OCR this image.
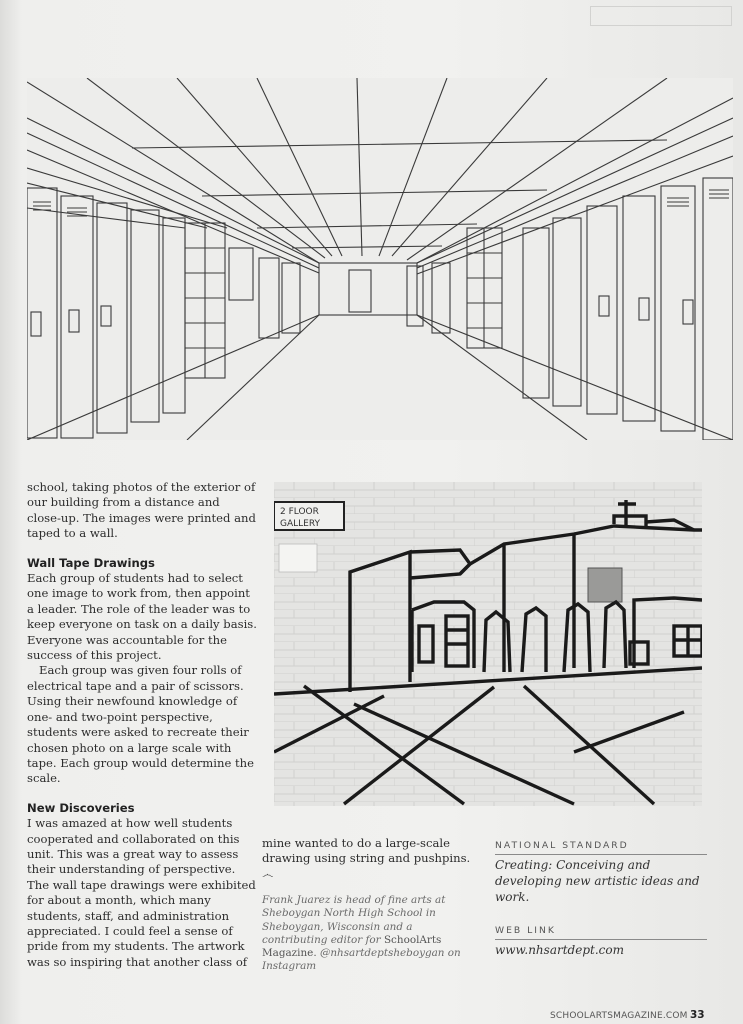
2 FLOOR
GALLERY

school, taking photos of the exterior of our building from a distance and close-up. The images were printed and taped to a wall.

Wall Tape Drawings

Each group of students had to select one image to work from, then appoint a leader. The role of the leader was to keep everyone on task on a daily basis. Everyone was accountable for the success of this project.

Each group was given four rolls of electrical tape and a pair of scissors. Using their newfound knowledge of one- and two-point perspective, students were asked to recreate their chosen photo on a large scale with tape. Each group would determine the scale.

New Discoveries

I was amazed at how well students cooperated and collaborated on this unit. This was a great way to assess their understanding of perspective. The wall tape drawings were exhibited for about a month, which many students, staff, and administration appreciated. I could feel a sense of pride from my students. The artwork was so inspiring that another class of

mine wanted to do a large-scale drawing using string and pushpins. ෴

Frank Juarez is head of fine arts at Sheboygan North High School in Sheboygan, Wisconsin and a contributing editor for SchoolArts Magazine. @nhsartdeptsheboygan on Instagram

NATIONAL STANDARD

Creating: Conceiving and developing new artistic ideas and work.

WEB LINK

www.nhsartdept.com

SCHOOLARTSMAGAZINE.COM 33
